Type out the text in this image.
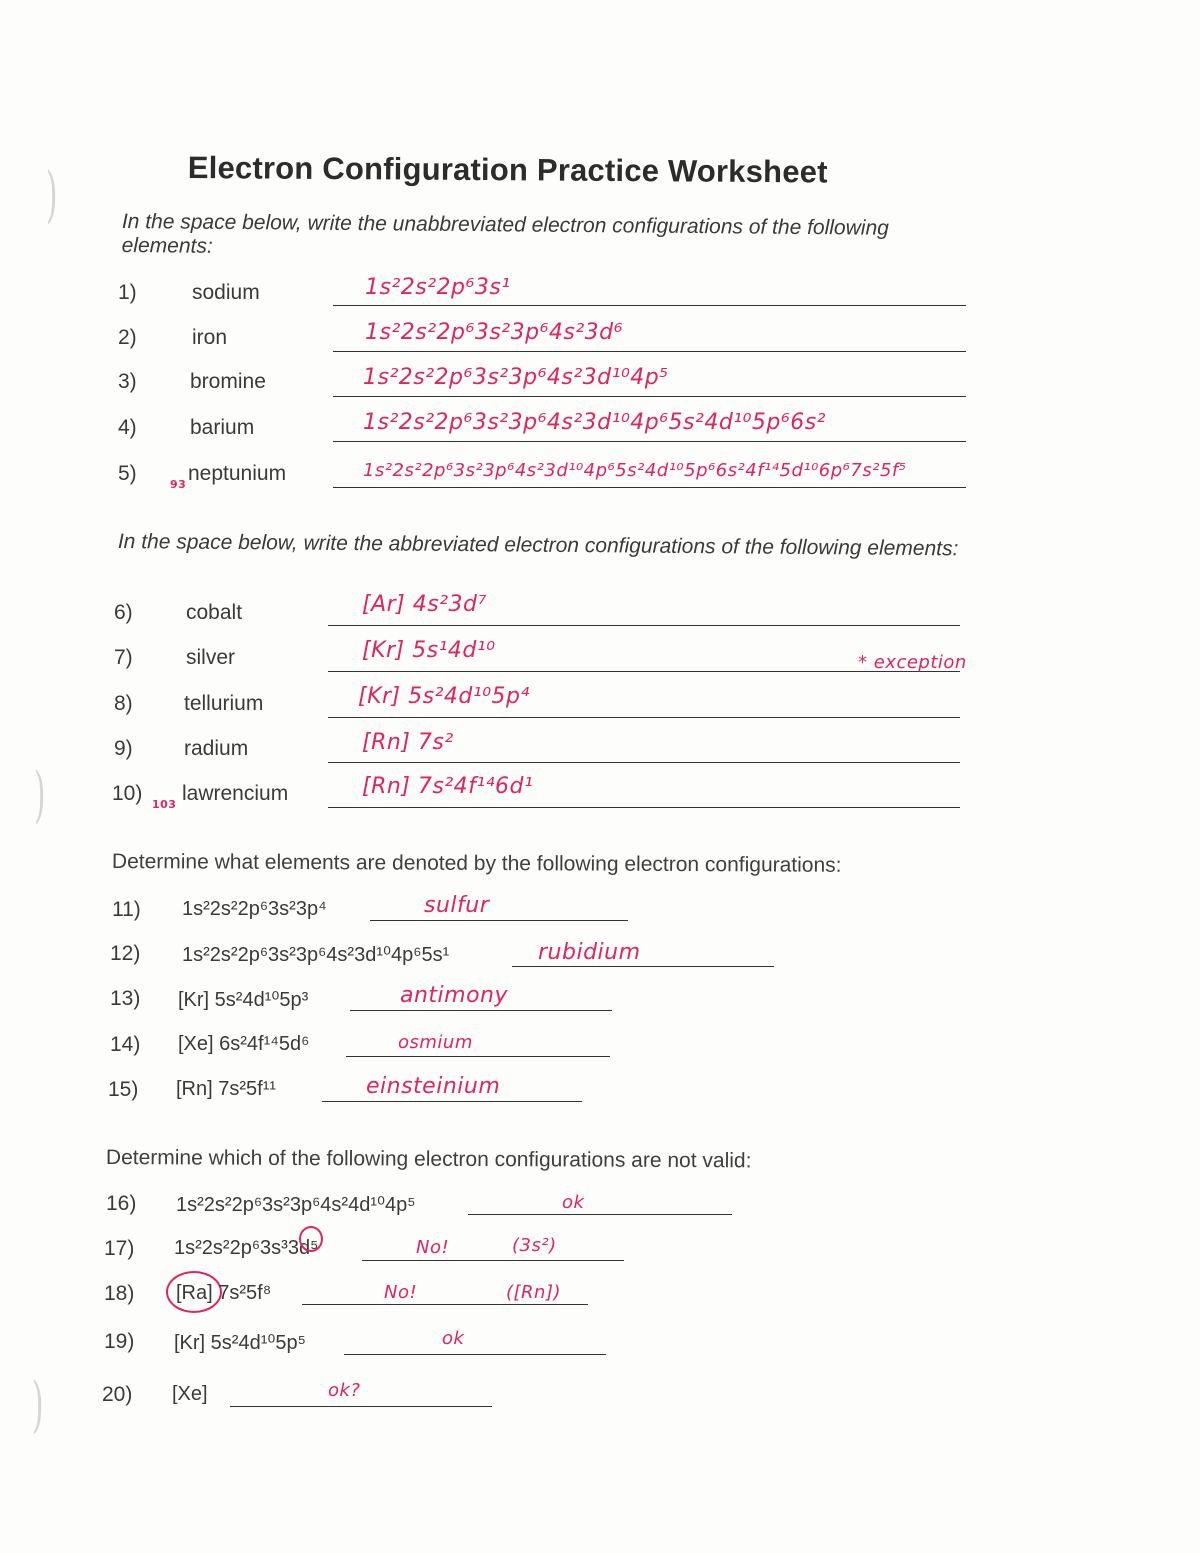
)
)
)
Electron Configuration Practice Worksheet
In the space below, write the unabbreviated electron configurations of the following elements:
1)	sodium	1s²2s²2p⁶3s¹
2)	iron	1s²2s²2p⁶3s²3p⁶4s²3d⁶
3)	bromine	1s²2s²2p⁶3s²3p⁶4s²3d¹⁰4p⁵
4)	barium	1s²2s²2p⁶3s²3p⁶4s²3d¹⁰4p⁶5s²4d¹⁰5p⁶6s²
5)	93 neptunium	1s²2s²2p⁶3s²3p⁶4s²3d¹⁰4p⁶5s²4d¹⁰5p⁶6s²4f¹⁴5d¹⁰6p⁶7s²5f⁵
In the space below, write the abbreviated electron configurations of the following elements:
6)	cobalt	[Ar] 4s²3d⁷
7)	silver	[Kr] 5s¹4d¹⁰	* exception
8) tellurium	[Kr] 5s²4d¹⁰5p⁴
9) radium	[Rn] 7s²
10) 103 lawrencium	[Rn] 7s²4f¹⁴6d¹
Determine what elements are denoted by the following electron configurations:
11) 1s²2s²2p⁶3s²3p⁴	sulfur
12) 1s²2s²2p⁶3s²3p⁶4s²3d¹⁰4p⁶5s¹	rubidium
13) [Kr] 5s²4d¹⁰5p³	antimony
14) [Xe] 6s²4f¹⁴5d⁶	osmium
15) [Rn] 7s²5f¹¹	einsteinium
Determine which of the following electron configurations are not valid:
16) 1s²2s²2p⁶3s²3p⁶4s²4d¹⁰4p⁵	ok
17) 1s²2s²2p⁶3s³3d⁵	No!	(3s²)
18) [Ra] 7s²5f⁸	No!	([Rn])
19) [Kr] 5s²4d¹⁰5p⁵	ok
20) [Xe]	ok?
